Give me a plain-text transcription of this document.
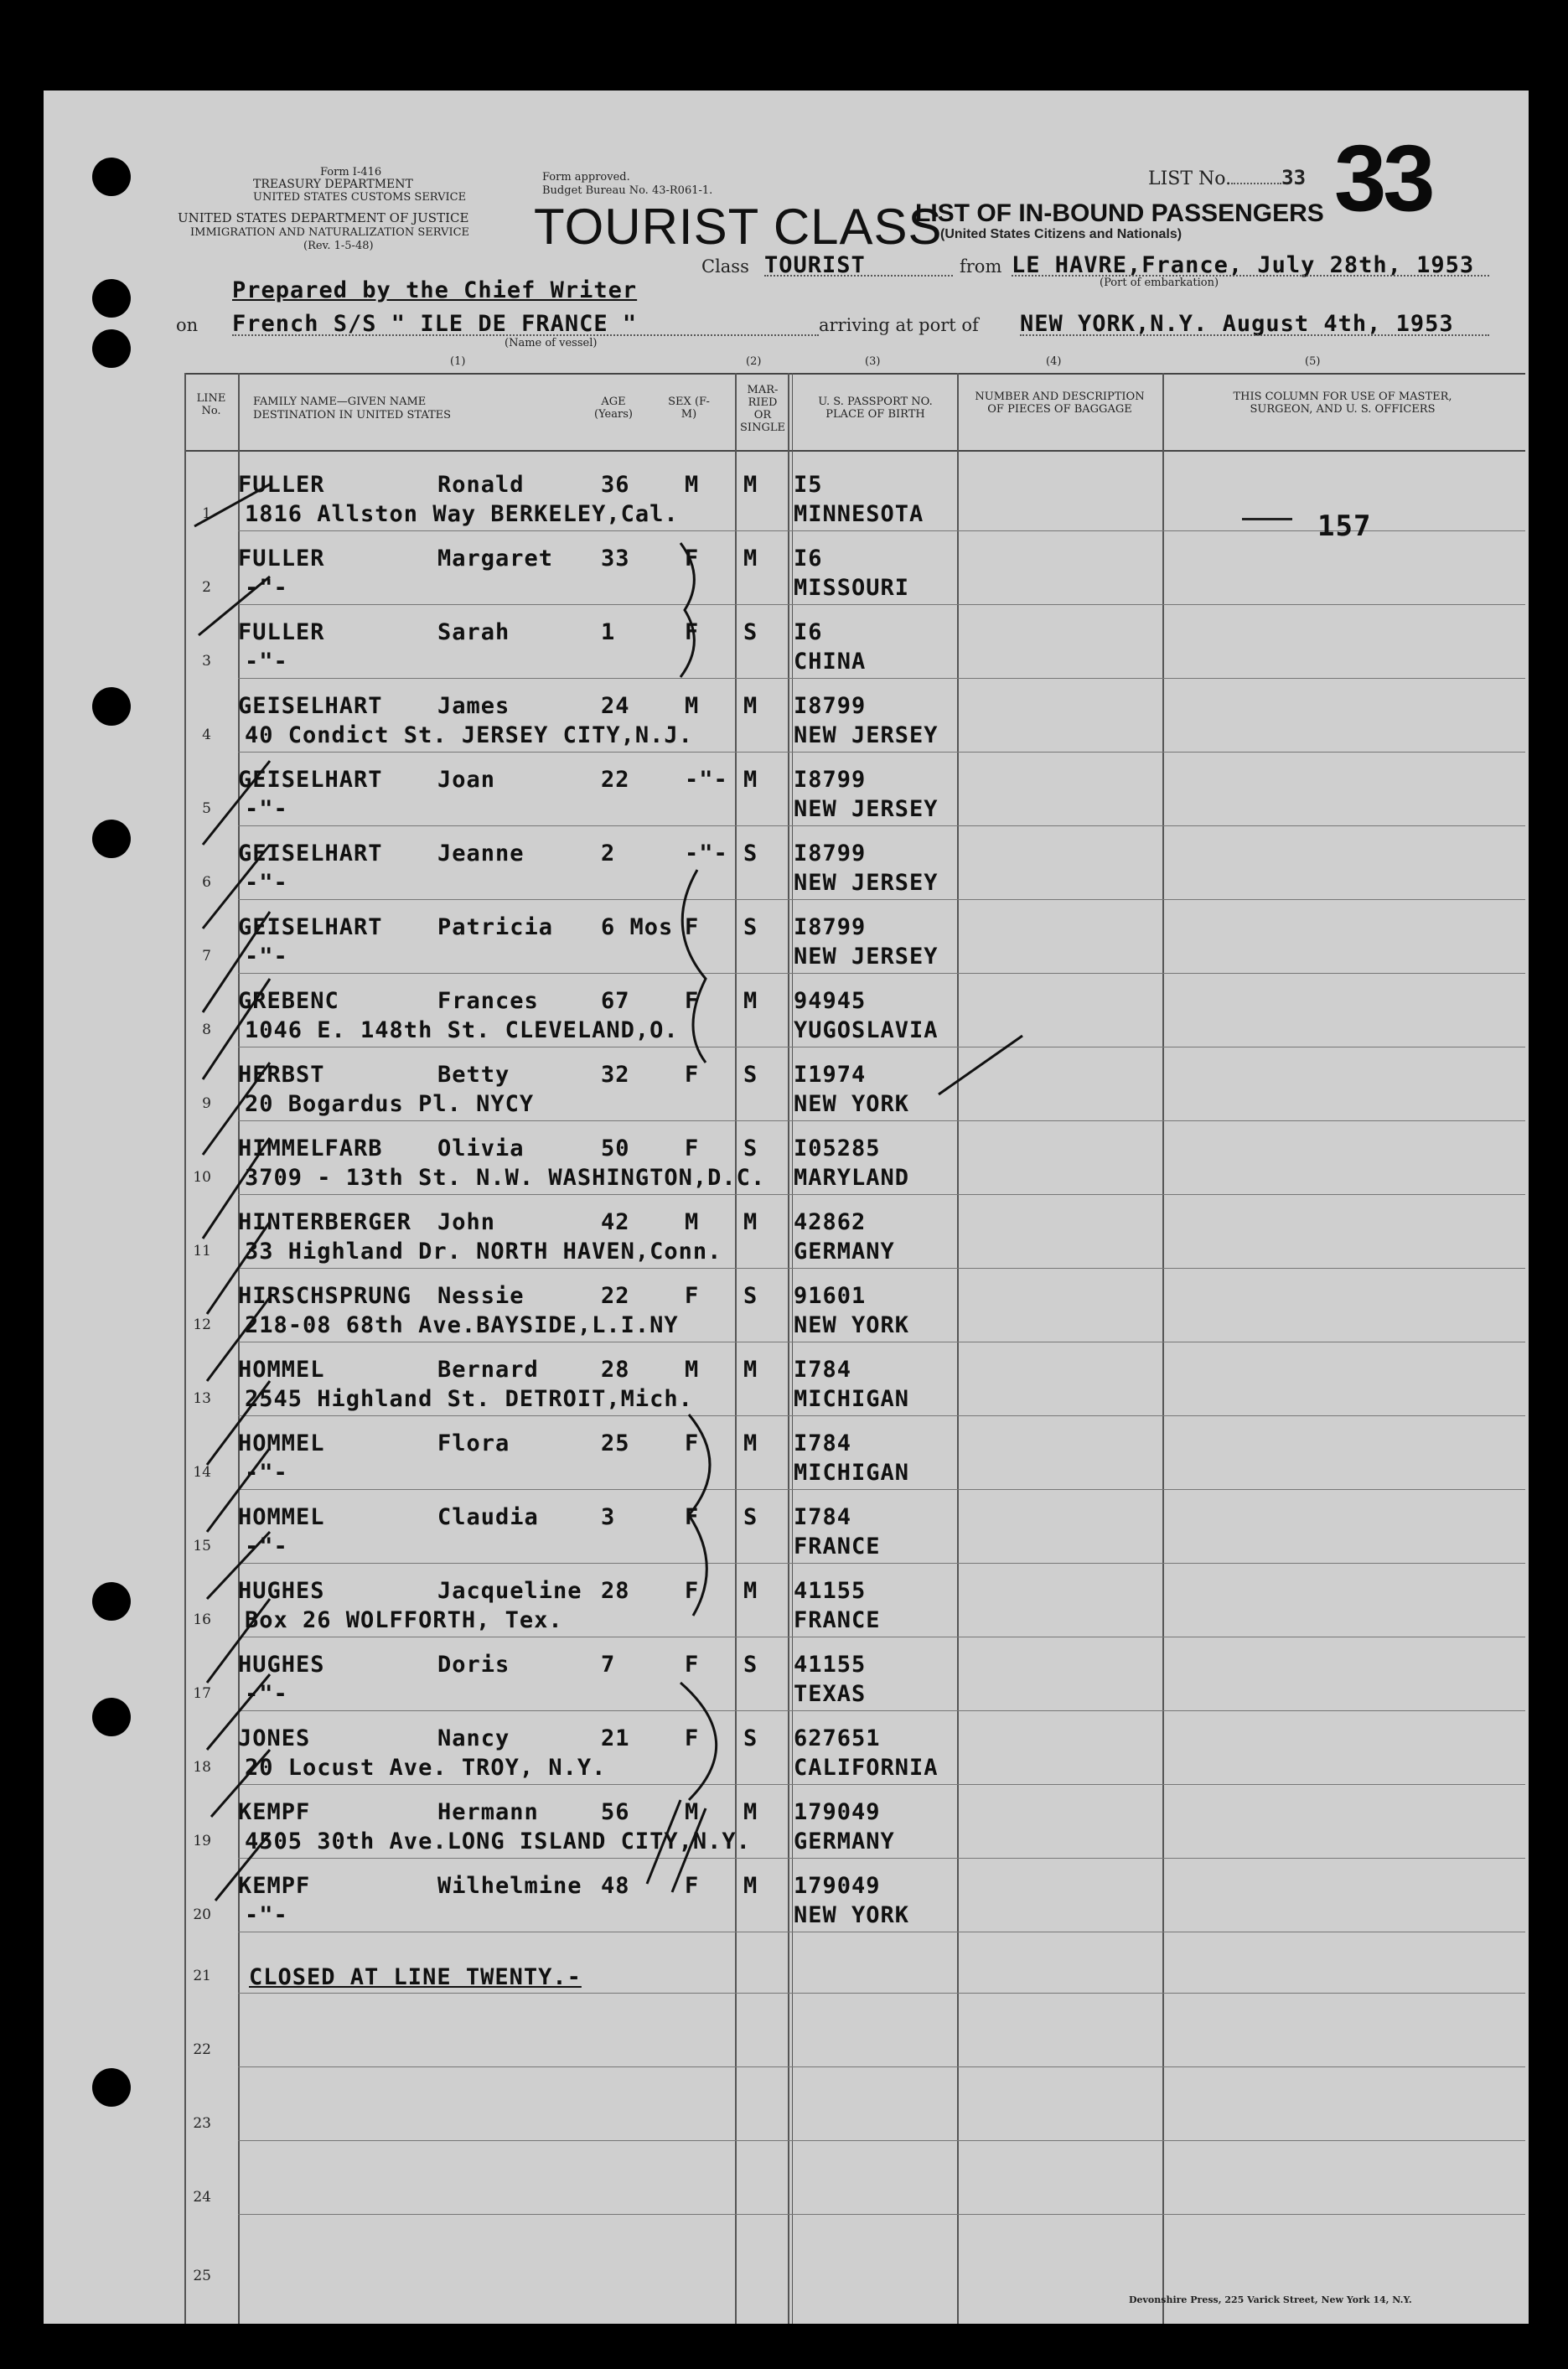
Form I-416
TREASURY DEPARTMENT
UNITED STATES CUSTOMS SERVICE
UNITED STATES DEPARTMENT OF JUSTICE
IMMIGRATION AND NATURALIZATION SERVICE
(Rev. 1-5-48)
Form approved.
Budget Bureau No. 43-R061-1.
TOURIST CLASS
LIST No.	33 33
LIST OF IN-BOUND PASSENGERS
(United States Citizens and Nationals)
Class TOURIST	from LE HAVRE,France, July 28th, 1953
(Port of embarkation)
Prepared by the Chief Writer
on French S/S " ILE DE FRANCE "
(Name of vessel)
arriving at port of NEW YORK,N.Y. August 4th, 1953
(1)	(2)	(3)	(4)	(5)
LINE No.
FAMILY NAME—GIVEN NAME
DESTINATION IN UNITED STATES
AGE (Years)
SEX (F-M)
MAR-RIED OR SINGLE
U. S. PASSPORT NO. PLACE OF BIRTH
NUMBER AND DESCRIPTION OF PIECES OF BAGGAGE
THIS COLUMN FOR USE OF MASTER, SURGEON, AND U. S. OFFICERS
1
FULLER	Ronald	36 M M I5
1816 Allston Way BERKELEY,Cal.	MINNESOTA
2
FULLER	Margaret 33 F M I6
-"-	MISSOURI
3
FULLER	Sarah	1	F S I6
-"-	CHINA
4
GEISELHART James	24 M M I8799
40 Condict St. JERSEY CITY,N.J.	NEW JERSEY
5
GEISELHART Joan	22 -"- M I8799
-"-	NEW JERSEY
6
GEISELHART Jeanne	2	-"- S I8799
-"-	NEW JERSEY
7
GEISELHART Patricia 6 Mos F S I8799
-"-	NEW JERSEY
8
GREBENC	Frances	67 F M 94945
1046 E. 148th St. CLEVELAND,O.	YUGOSLAVIA
9
HERBST	Betty	32 F S I1974
20 Bogardus Pl. NYCY	NEW YORK
10
HIMMELFARB Olivia	50 F S I05285
3709 - 13th St. N.W. WASHINGTON,D.C. MARYLAND
11
HINTERBERGER John	42 M M 42862
33 Highland Dr. NORTH HAVEN,Conn.	GERMANY
12
HIRSCHSPRUNG Nessie	22 F S 91601
218-08 68th Ave.BAYSIDE,L.I.NY	NEW YORK
13
HOMMEL	Bernard	28 M M I784
2545 Highland St. DETROIT,Mich.	MICHIGAN
14
HOMMEL	Flora	25 F M I784
-"-	MICHIGAN
15
HOMMEL	Claudia	3	F S I784
-"-	FRANCE
16
HUGHES	Jacqueline 28 F M 41155
Box 26 WOLFFORTH, Tex.	FRANCE
17
HUGHES	Doris	7	F S 41155
-"-	TEXAS
18
JONES	Nancy	21 F S 627651
20 Locust Ave. TROY, N.Y.	CALIFORNIA
19
KEMPF	Hermann	56 M M 179049
4505 30th Ave.LONG ISLAND CITY,N.Y. GERMANY
20
KEMPF	Wilhelmine 48 F M 179049
-"-	NEW YORK
157
21 CLOSED AT LINE TWENTY.-
22
23
24
25
Devonshire Press, 225 Varick Street, New York 14, N.Y.
